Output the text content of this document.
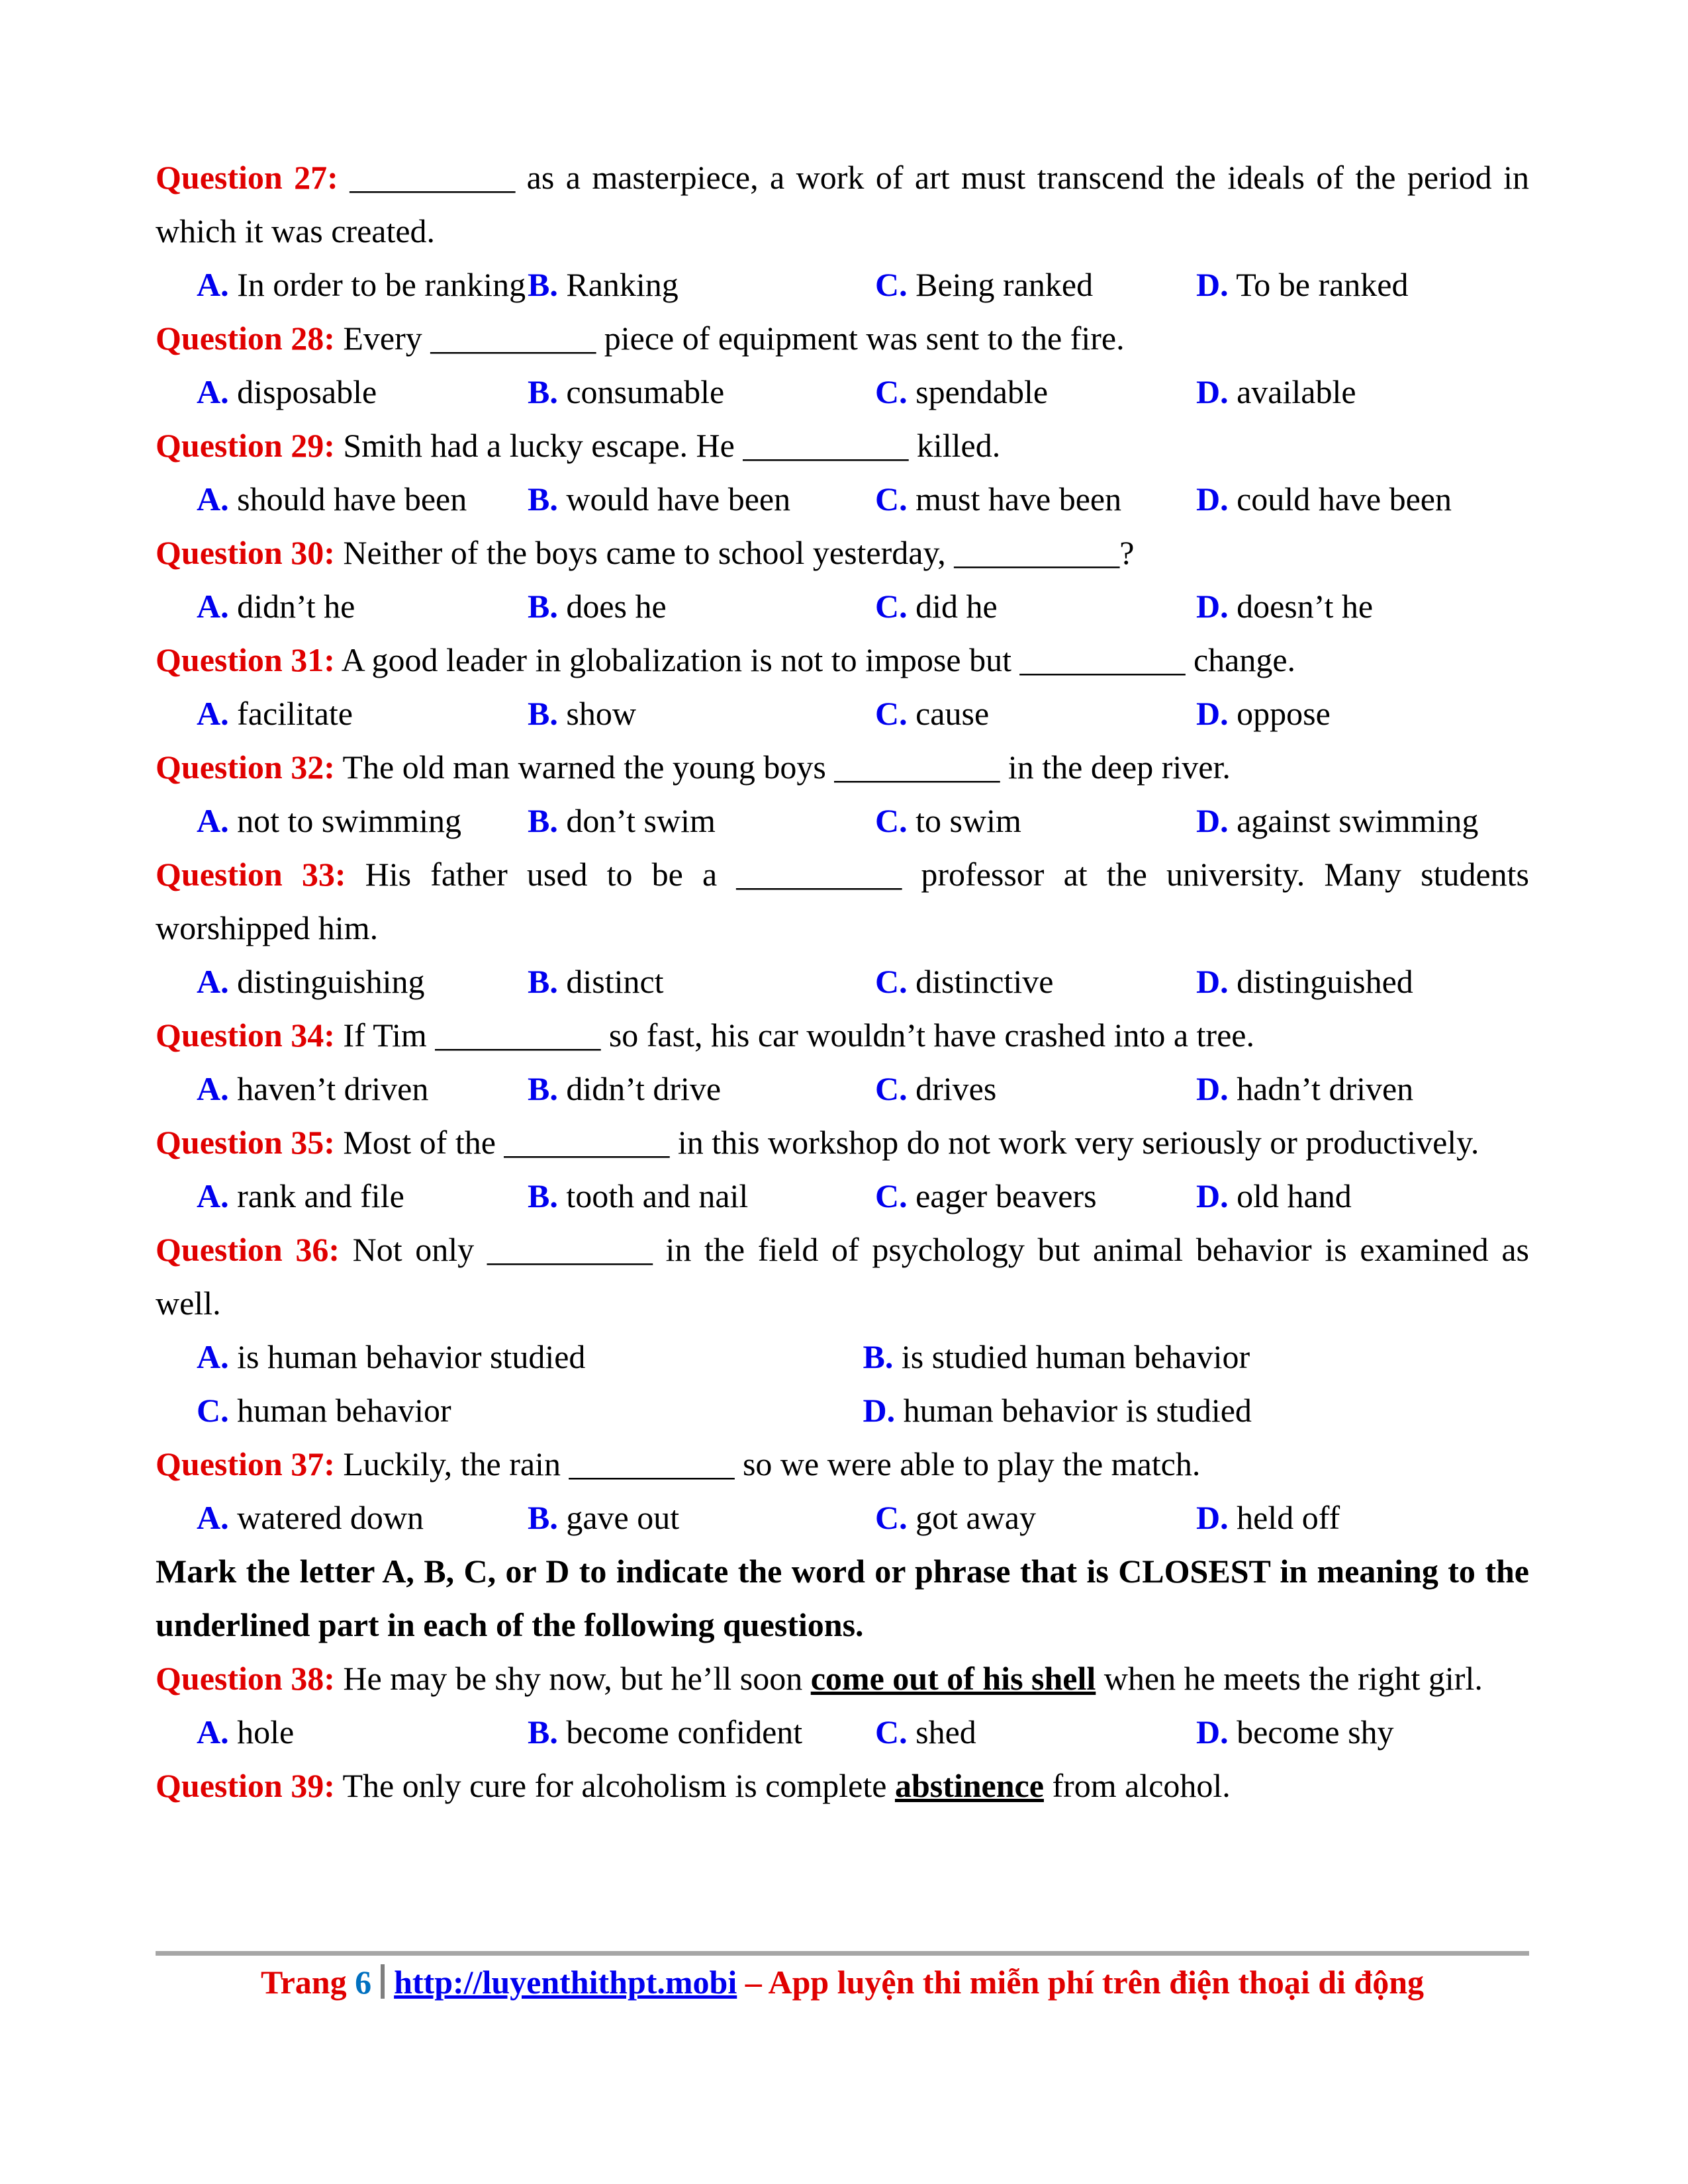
Question 27: __________ as a masterpiece, a work of art must transcend the ideals of the period in which it was created.
A. In order to be ranking B. Ranking	C. Being ranked	D. To be ranked
Question 28: Every __________ piece of equipment was sent to the fire.
A. disposable	B. consumable	C. spendable	D. available
Question 29: Smith had a lucky escape. He __________ killed.
A. should have been	B. would have been	C. must have been	D. could have been
Question 30: Neither of the boys came to school yesterday, __________?
A. didn’t he	B. does he	C. did he	D. doesn’t he
Question 31: A good leader in globalization is not to impose but __________ change.
A. facilitate	B. show	C. cause	D. oppose
Question 32: The old man warned the young boys __________ in the deep river.
A. not to swimming	B. don’t swim	C. to swim	D. against swimming
Question 33: His father used to be a __________ professor at the university. Many students worshipped him.
A. distinguishing	B. distinct	C. distinctive	D. distinguished
Question 34: If Tim __________ so fast, his car wouldn’t have crashed into a tree.
A. haven’t driven	B. didn’t drive	C. drives	D. hadn’t driven
Question 35: Most of the __________ in this workshop do not work very seriously or productively.
A. rank and file	B. tooth and nail	C. eager beavers	D. old hand
Question 36: Not only __________ in the field of psychology but animal behavior is examined as well.
A. is human behavior studied	B. is studied human behavior
C. human behavior	D. human behavior is studied
Question 37: Luckily, the rain __________ so we were able to play the match.
A. watered down	B. gave out	C. got away	D. held off
Mark the letter A, B, C, or D to indicate the word or phrase that is CLOSEST in meaning to the underlined part in each of the following questions.
Question 38: He may be shy now, but he’ll soon come out of his shell when he meets the right girl.
A. hole	B. become confident	C. shed	D. become shy
Question 39: The only cure for alcoholism is complete abstinence from alcohol.
Trang 6 http://luyenthithpt.mobi – App luyện thi miễn phí trên điện thoại di động
